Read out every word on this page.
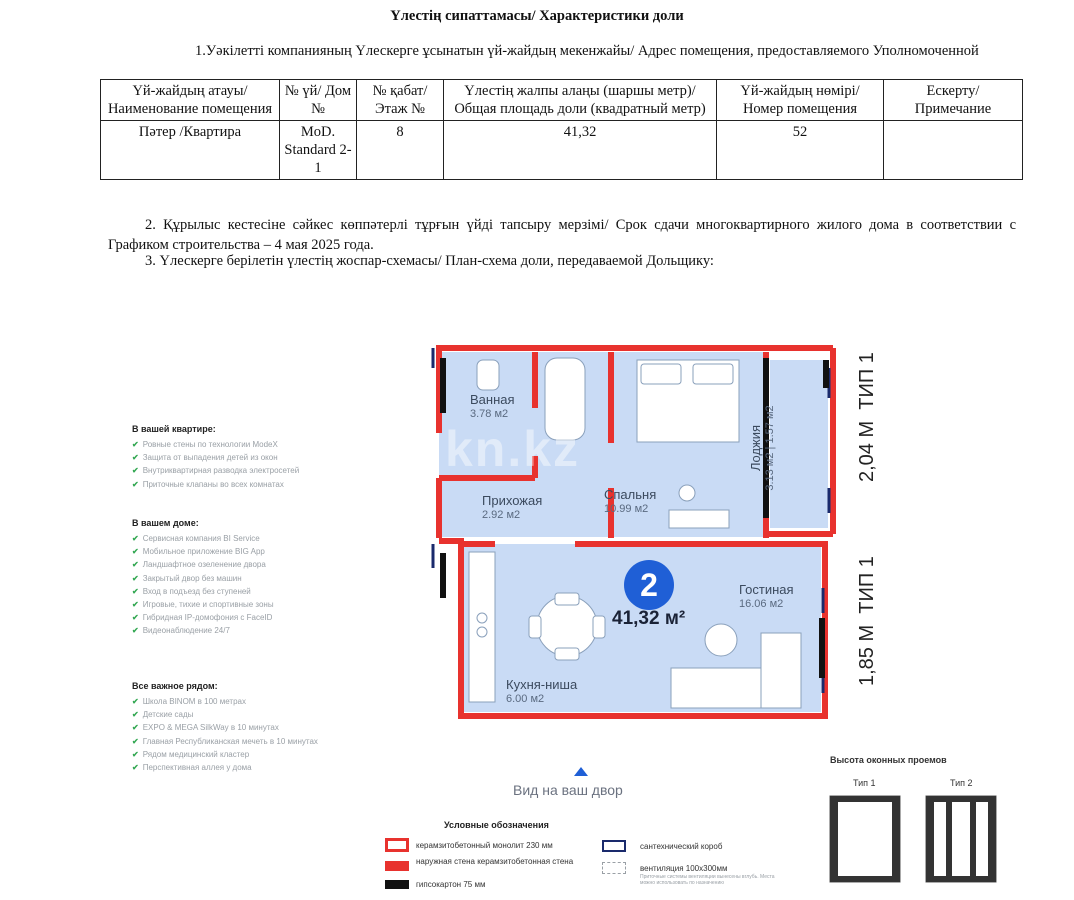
Үлестің сипаттамасы/ Характеристики доли
1.Уәкілетті компанияның Үлескерге ұсынатын үй-жайдың мекенжайы/ Адрес помещения, предоставляемого Уполномоченной
Үй-жайдың атауы/ Наименование помещения	№ үй/ Дом №	№ қабат/ Этаж №	Үлестің жалпы алаңы (шаршы метр)/ Общая площадь доли (квадратный метр)	Үй-жайдың нөмірі/ Номер помещения	Ескерту/ Примечание
Пәтер /Квартира	MoD. Standard 2-1	8	41,32	52	
2. Құрылыс кестесіне сәйкес көппәтерлі тұрғын үйді тапсыру мерзімі/ Срок сдачи многоквартирного жилого дома в соответствии с Графиком строительства – 4 мая 2025 года.
3. Үлескерге берілетін үлестің жоспар-схемасы/ План-схема доли, передаваемой Дольщику:
В вашей квартире:
✔ Ровные стены по технологии ModeX
✔ Защита от выпадения детей из окон
✔ Внутриквартирная разводка электросетей
✔ Приточные клапаны во всех комнатах
В вашем доме:
✔ Сервисная компания BI Service
✔ Мобильное приложение BIG App
✔ Ландшафтное озеленение двора
✔ Закрытый двор без машин
✔ Вход в подъезд без ступеней
✔ Игровые, тихие и спортивные зоны
✔ Гибридная IP-домофония с FaceID
✔ Видеонаблюдение 24/7
Все важное рядом:
✔ Школа BINOM в 100 метрах
✔ Детские сады
✔ EXPO & MEGA SilkWay в 10 минутах
✔ Главная Республиканская мечеть в 10 минутах
✔ Рядом медицинский кластер
✔ Перспективная аллея у дома
kn.kz
Ванная
3.78 м2
Прихожая
2.92 м2
Спальня
10.99 м2
Гостиная
16.06 м2
Кухня-ниша
6.00 м2
Лоджия
3.13 м2 | 1.57 м2
2
41,32 м²
2,04 М  ТИП 1
1,85 М  ТИП 1
Вид на ваш двор
Условные обозначения
керамзитобетонный монолит 230 мм
наружная стена керамзитобетонная стена
гипсокартон 75 мм
сантехнический короб
вентиляция 100х300мм
Приточные системы вентиляции вынесены вглубь. Места можно использовать по назначению
Высота оконных проемов
Тип 1	Тип 2
